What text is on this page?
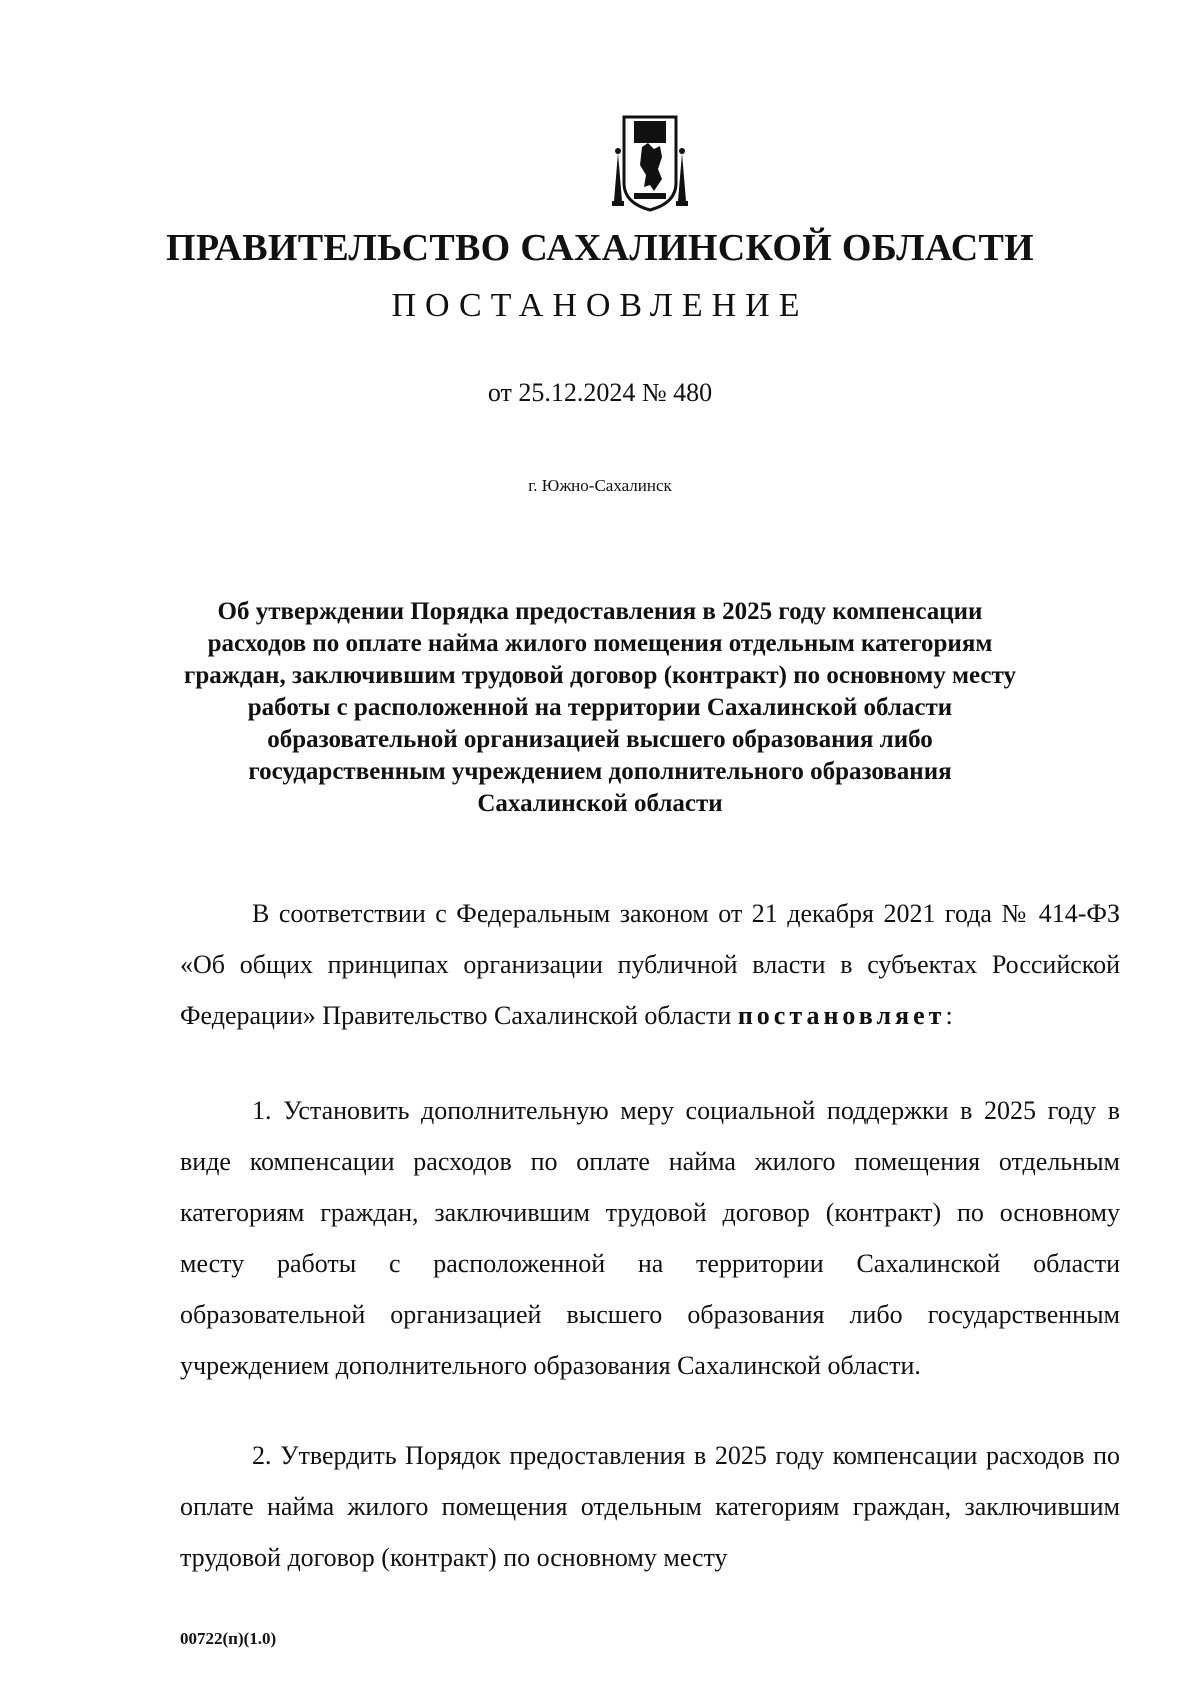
ПРАВИТЕЛЬСТВО САХАЛИНСКОЙ ОБЛАСТИ
ПОСТАНОВЛЕНИЕ
от 25.12.2024 № 480
г. Южно-Сахалинск
Об утверждении Порядка предоставления в 2025 году компенсации расходов по оплате найма жилого помещения отдельным категориям граждан, заключившим трудовой договор (контракт) по основному месту работы с расположенной на территории Сахалинской области образовательной организацией высшего образования либо государственным учреждением дополнительного образования Сахалинской области

В соответствии с Федеральным законом от 21 декабря 2021 года № 414-ФЗ «Об общих принципах организации публичной власти в субъектах Российской Федерации» Правительство Сахалинской области постановляет:

1. Установить дополнительную меру социальной поддержки в 2025 году в виде компенсации расходов по оплате найма жилого помещения отдельным категориям граждан, заключившим трудовой договор (контракт) по основному месту работы с расположенной на территории Сахалинской области образовательной организацией высшего образования либо государственным учреждением дополнительного образования Сахалинской области.

2. Утвердить Порядок предоставления в 2025 году компенсации расходов по оплате найма жилого помещения отдельным категориям граждан, заключившим трудовой договор (контракт) по основному месту

00722(п)(1.0)
